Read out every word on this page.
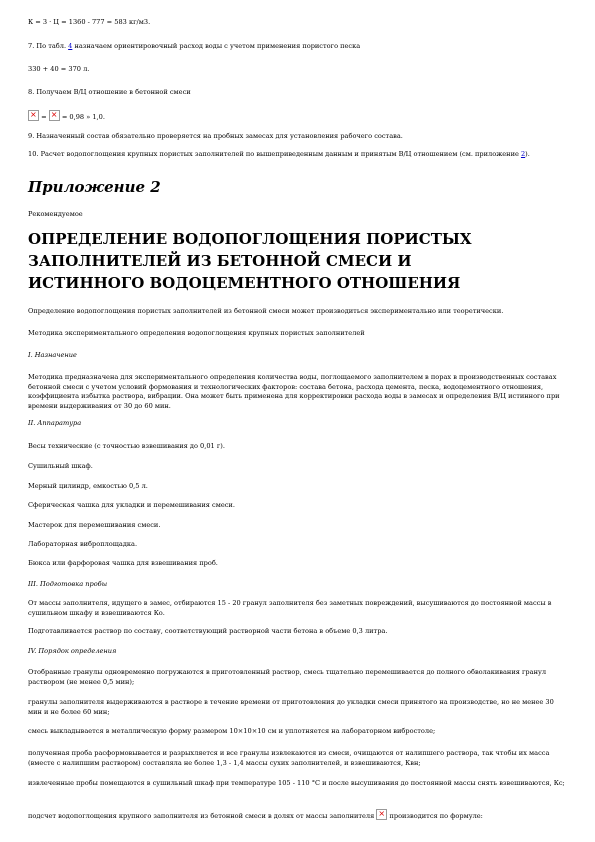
К = 3 · Ц = 1360 - 777 = 583 кг/м3.

7. По табл. 4 назначаем ориентировочный расход воды с учетом применения пористого песка

330 + 40 = 370 л.

8. Получаем В/Ц отношение в бетонной смеси

× = × = 0,98 » 1,0.

9. Назначенный состав обязательно проверяется на пробных замесах для установления рабочего состава.

10. Расчет водопоглощения крупных пористых заполнителей по вышеприведенным данным и принятым В/Ц отношением (см. приложение 2).

Приложение 2

Рекомендуемое

ОПРЕДЕЛЕНИЕ ВОДОПОГЛОЩЕНИЯ ПОРИСТЫХ ЗАПОЛНИТЕЛЕЙ ИЗ БЕТОННОЙ СМЕСИ И ИСТИННОГО ВОДОЦЕМЕНТНОГО ОТНОШЕНИЯ

Определение водопоглощения пористых заполнителей из бетонной смеси может производиться экспериментально или теоретически.

Методика экспериментального определения водопоглощения крупных пористых заполнителей

I. Назначение

Методика предназначена для экспериментального определения количества воды, поглощаемого заполнителем в порах в производственных составах бетонной смеси с учетом условий формования и технологических факторов: состава бетона, расхода цемента, песка, водоцементного отношения, коэффициента избытка раствора, вибрации. Она может быть применена для корректировки расхода воды в замесах и определения В/Ц истинного при времени выдерживания от 30 до 60 мин.

II. Аппаратура

Весы технические (с точностью взвешивания до 0,01 г).

Сушильный шкаф.

Мерный цилиндр, емкостью 0,5 л.

Сферическая чашка для укладки и перемешивания смеси.

Мастерок для перемешивания смеси.

Лабораторная виброплощадка.

Бюкса или фарфоровая чашка для взвешивания проб.

III. Подготовка пробы

От массы заполнителя, идущего в замес, отбираются 15 - 20 гранул заполнителя без заметных повреждений, высушиваются до постоянной массы в сушильном шкафу и взвешиваются Ко.

Подготавливается раствор по составу, соответствующий растворной части бетона в объеме 0,3 литра.

IV. Порядок определения

Отобранные гранулы одновременно погружаются в приготовленный раствор, смесь тщательно перемешивается до полного обволакивания гранул раствором (не менее 0,5 мин);

гранулы заполнителя выдерживаются в растворе в течение времени от приготовления до укладки смеси принятого на производстве, но не менее 30 мин и не более 60 мин;

смесь выкладывается в металлическую форму размером 10×10×10 см и уплотняется на лабораторном вибростоле;

полученная проба расформовывается и разрыхляется и все гранулы извлекаются из смеси, очищаются от налипшего раствора, так чтобы их масса (вместе с налипшим раствором) составляла не более 1,3 - 1,4 массы сухих заполнителей, и взвешиваются, Квн;

извлеченные пробы помещаются в сушильный шкаф при температуре 105 - 110 °С и после высушивания до постоянной массы снять взвешиваются, Кс;

подсчет водопоглощения крупного заполнителя из бетонной смеси в долях от массы заполнителя × производится по формуле:
